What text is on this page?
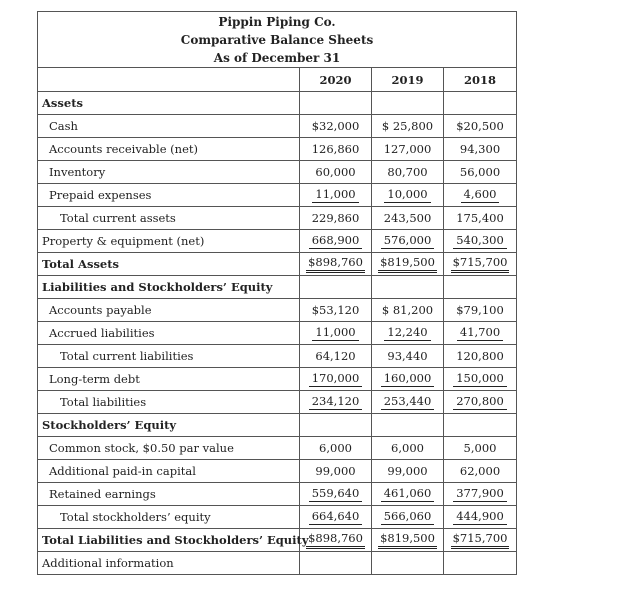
Pippin Piping Co.
Comparative Balance Sheets
As of December 31			

	2020	2019	2018
Assets			
Cash	$32,000	$ 25,800	$20,500
Accounts receivable (net)	126,860	127,000	94,300
Inventory	60,000	80,700	56,000
Prepaid expenses	11,000	10,000	4,600
Total current assets	229,860	243,500	175,400
Property & equipment (net)	668,900	576,000	540,300
Total Assets	$898,760	$819,500	$715,700
Liabilities and Stockholders’ Equity			
Accounts payable	$53,120	$ 81,200	$79,100
Accrued liabilities	11,000	12,240	41,700
Total current liabilities	64,120	93,440	120,800
Long-term debt	170,000	160,000	150,000
Total liabilities	234,120	253,440	270,800
Stockholders’ Equity			
Common stock, $0.50 par value	6,000	6,000	5,000
Additional paid-in capital	99,000	99,000	62,000
Retained earnings	559,640	461,060	377,900
Total stockholders’ equity	664,640	566,060	444,900
Total Liabilities and Stockholders’ Equity	$898,760	$819,500	$715,700
Additional information			
